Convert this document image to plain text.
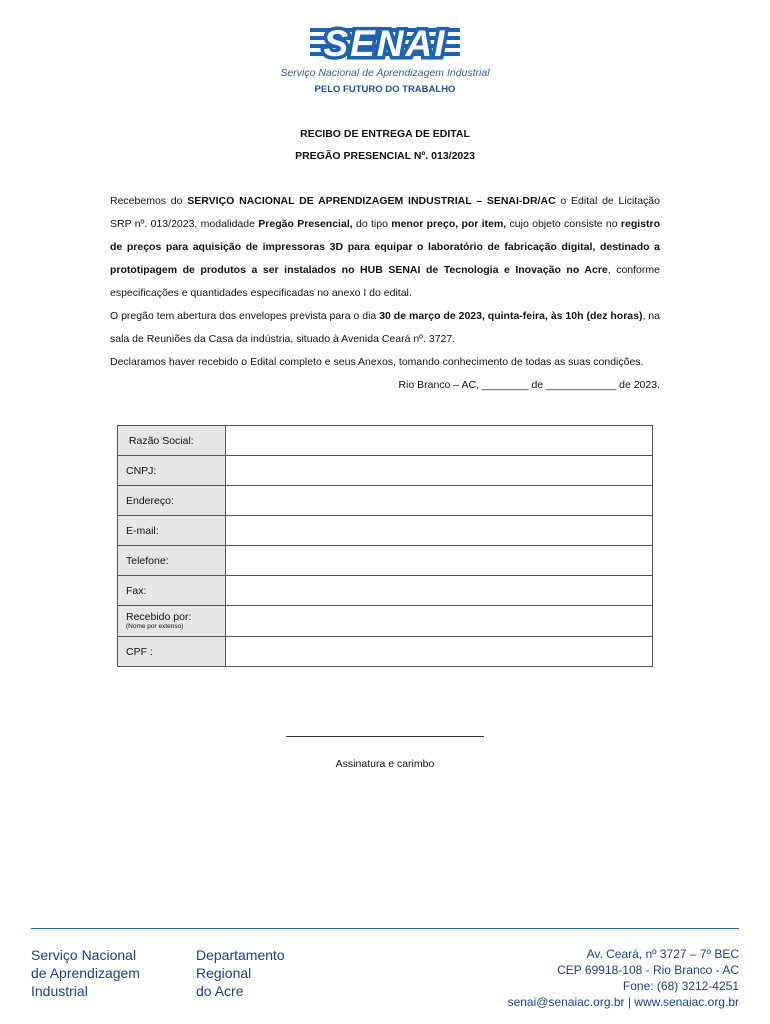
SENAI
Serviço Nacional de Aprendizagem Industrial
PELO FUTURO DO TRABALHO
RECIBO DE ENTREGA DE EDITAL
PREGÃO PRESENCIAL Nº. 013/2023

Recebemos do SERVIÇO NACIONAL DE APRENDIZAGEM INDUSTRIAL – SENAI-DR/AC o Edital de Licitação SRP nº. 013/2023, modalidade Pregão Presencial, do tipo menor preço, por item, cujo objeto consiste no registro de preços para aquisição de impressoras 3D para equipar o laboratório de fabricação digital, destinado a prototipagem de produtos a ser instalados no HUB SENAI de Tecnologia e Inovação no Acre, conforme especificações e quantidades especificadas no anexo I do edital.

O pregão tem abertura dos envelopes prevista para o dia 30 de março de 2023, quinta-feira, às 10h (dez horas), na sala de Reuniões da Casa da indústria, situado à Avenida Ceará nº. 3727.

Declaramos haver recebido o Edital completo e seus Anexos, tomando conhecimento de todas as suas condições.

Rio Branco – AC, ________ de ____________ de 2023.

Razão Social:	
CNPJ:	
Endereço:	
E-mail:	
Telefone:	
Fax:	
Recebido por:
(Nome por extenso)	

CPF :	
Assinatura e carimbo
Serviço Nacional
de Aprendizagem
Industrial
Departamento
Regional
do Acre
Av. Ceará, nº 3727 – 7º BEC
CEP 69918-108 - Rio Branco - AC
Fone: (68) 3212-4251
senai@senaiac.org.br | www.senaiac.org.br
